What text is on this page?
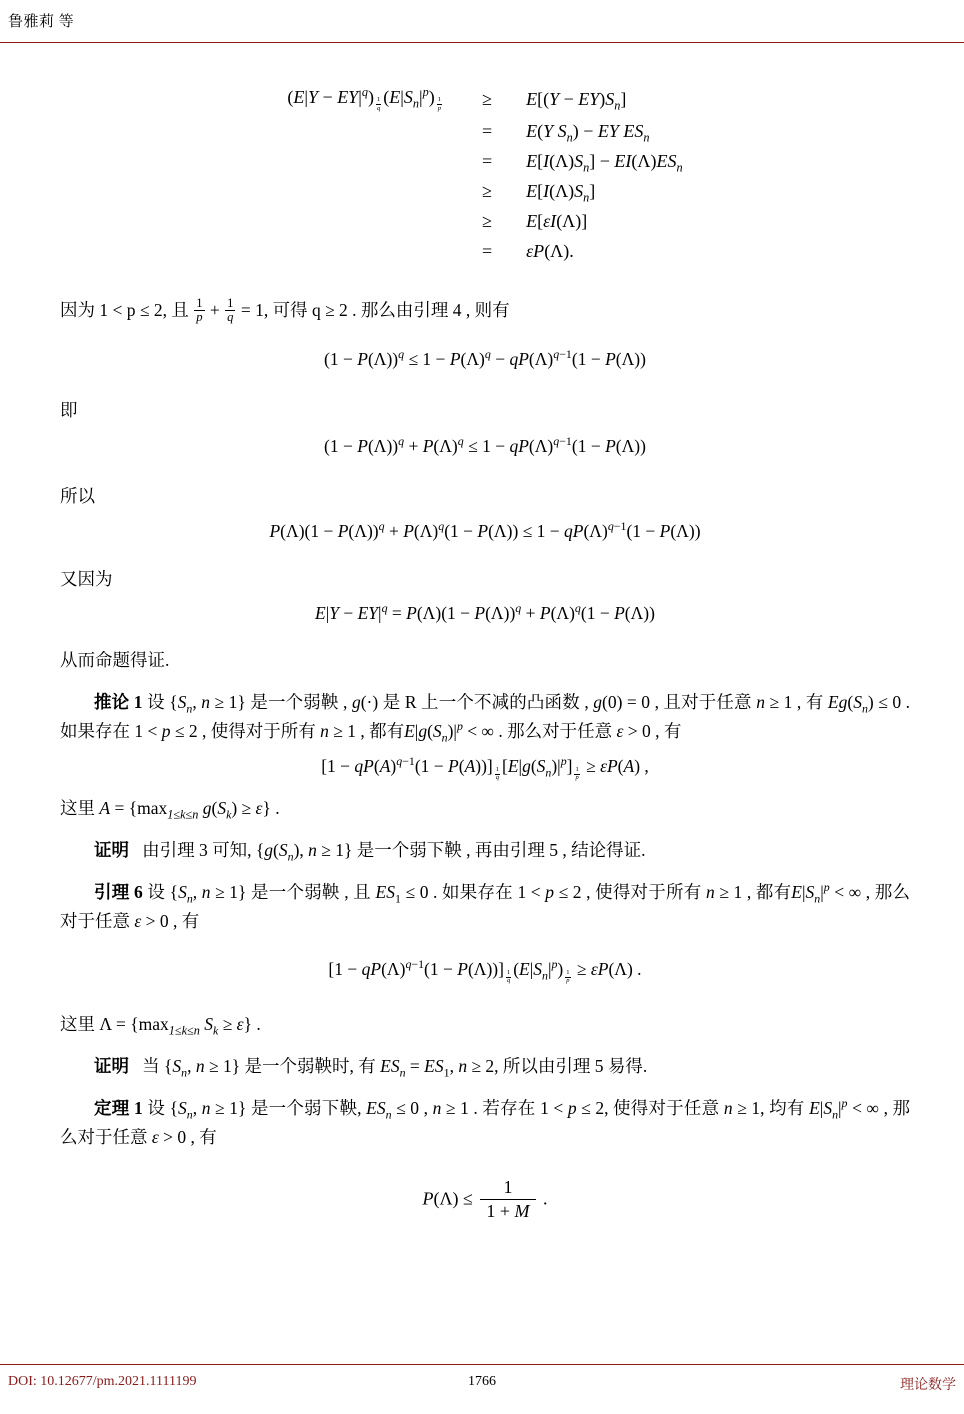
鲁雅莉 等
$(E|Y - EY|^q)$ $^{\frac{1}{q}}$ $(E|S_n|^p)$ $^{\frac{1}{p}}$	≥	$E[(Y - EY)S_n]$
	=	E(Y $S_n$) − EY $ES_n$
	=	$E[I(\Lambda)S_n] - EI(\Lambda)ES_n$
	≥	$E[I(\Lambda)S_n]$
	≥	E[εI(Λ)]
	=	εP(Λ).
因为 1 < p ≤ 2, 且 $\frac{1}{p} + \frac{1}{q} = 1$, 可得 q ≥ 2 . 那么由引理 4 , 则有
$(1 - P(\Lambda))^q \le 1 - P(\Lambda)^q - qP(\Lambda)^{q-1}(1 - P(\Lambda))$
即
$(1 - P(\Lambda))^q + P(\Lambda)^q \le 1 - qP(\Lambda)^{q-1}(1 - P(\Lambda))$
所以
$P(\Lambda)(1 - P(\Lambda))^q + P(\Lambda)^q(1 - P(\Lambda)) \le 1 - qP(\Lambda)^{q-1}(1 - P(\Lambda))$
又因为
$E|Y - EY|^q = P(\Lambda)(1 - P(\Lambda))^q + P(\Lambda)^q(1 - P(\Lambda))$
从而命题得证.
推论 1 设 {$S_n$, n ≥ 1} 是一个弱鞅 , g(·) 是 R 上一个不减的凸函数 , g(0) = 0 , 且对于任意 n ≥ 1 , 有 $Eg(S_n) \le 0$ . 如果存在 1 < p ≤ 2 , 使得对于所有 n ≥ 1 , 都有$E|g(S_n)|^p$ < ∞ . 那么对于任意 ε > 0 , 有
$[1 - qP(A)^{q-1}(1 - P(A))]$ $^{\frac{1}{q}}$ $[E|g(S_n)|^p] ^{\frac{1}{p}} \ge \varepsilon P(A)$ ,
这里 $A = \{\max_{1\le k\le n}$ $g(S_k) \ge \varepsilon$} .
证明   由引理 3 可知, {$g(S_n)$, n ≥ 1} 是一个弱下鞅 , 再由引理 5 , 结论得证.
引理 6 设 {$S_n$, n ≥ 1} 是一个弱鞅 , 且 $ES_1 \le 0$ . 如果存在 1 < p ≤ 2 , 使得对于所有 n ≥ 1 , 都有$E|S_n|^p$ < ∞ , 那么对于任意 ε > 0 , 有
$[1 - qP(\Lambda)^{q-1}(1 - P(\Lambda))]$ $^{\frac{1}{q}}$ $(E|S_n|^p) ^{\frac{1}{p}} \ge \varepsilon P(\Lambda)$ .
这里 $\Lambda = \{\max_{1\le k\le n}$ $S_k \ge \varepsilon$} .
证明   当 {$S_n$, n ≥ 1} 是一个弱鞅时, 有 $ES_n = ES_1$, n ≥ 2, 所以由引理 5 易得.
定理 1 设 {$S_n$, n ≥ 1} 是一个弱下鞅, $ES_n \le 0$ , n ≥ 1 . 若存在 1 < p ≤ 2, 使得对于任意 n ≥ 1, 均有 $E|S_n|^p$ < ∞ , 那么对于任意 ε > 0 , 有
$P(\Lambda) \le \frac{1}{1 + M}$ .
DOI: 10.12677/pm.2021.1111199	1766	理论数学
